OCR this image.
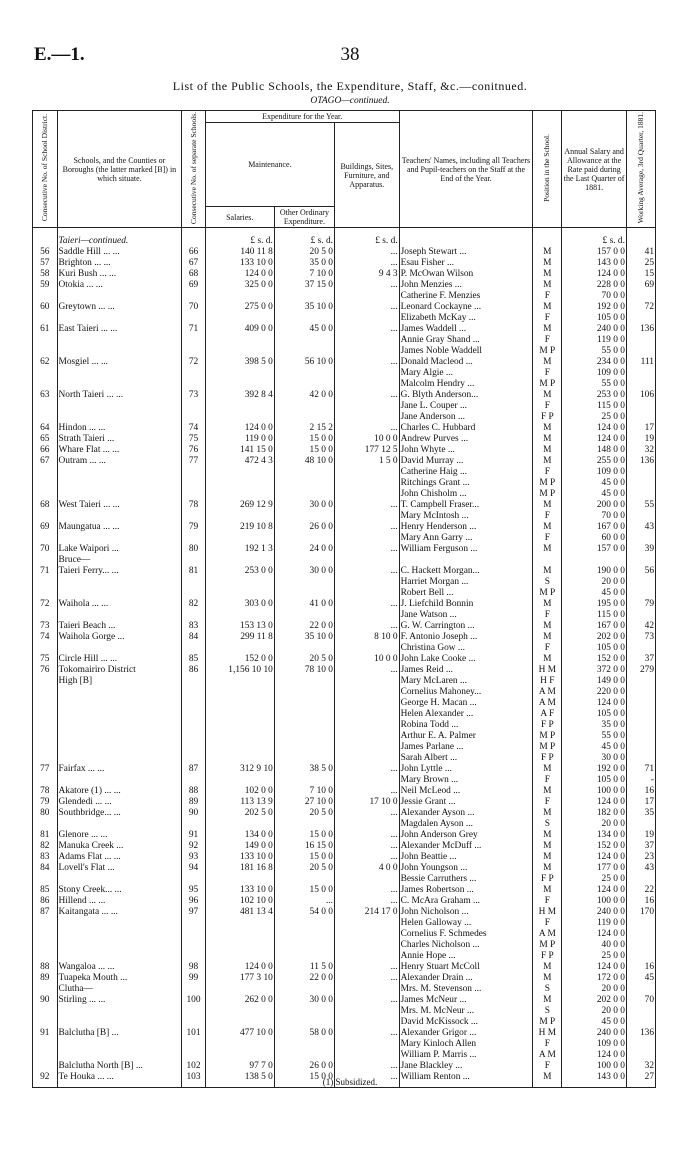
E.—1.	38
List of the Public Schools, the Expenditure, Staff, &c.—conitnued.
OTAGO—continued.
Consecutive No. of School District.	Schools, and the Counties or Boroughs (the latter marked [B]) in which situate.	Consecutive No. of separate Schools.	Expenditure for the Year.			Teachers' Names, including all Teachers and Pupil-teachers on the Staff at the End of the Year.	Position in the School.	Annual Salary and Allowance at the Rate paid during the Last Quarter of 1881.	Working Average, 3rd Quarter, 1881.
			Maintenance.		Buildings, Sites, Furniture, and Apparatus.				
			Salaries.	Other Ordinary Expenditure.					
	Taieri—continued.		£ s. d.	£ s. d.	£ s. d.			£ s. d.	
56	Saddle Hill ... ...	66	140 11 8	20 5 0	...	Joseph Stewart ...	M	157 0 0	41
57	Brighton ... ...	67	133 10 0	35 0 0	...	Esau Fisher ...	M	143 0 0	25
58	Kuri Bush ... ...	68	124 0 0	7 10 0	9 4 3	P. McOwan Wilson	M	124 0 0	15
59	Otokia ... ...	69	325 0 0	37 15 0	...	John Menzies ...	M	228 0 0	69
						Catherine F. Menzies	F	70 0 0	
60	Greytown ... ...	70	275 0 0	35 10 0	...	Leonard Cockayne ...	M	192 0 0	72
						Elizabeth McKay ...	F	105 0 0	
61	East Taieri ... ...	71	409 0 0	45 0 0	...	James Waddell ...	M	240 0 0	136
						Annie Gray Shand ...	F	119 0 0	
						James Noble Waddell	M P	55 0 0	
62	Mosgiel ... ...	72	398 5 0	56 10 0	...	Donald Macleod ...	M	234 0 0	111
						Mary Algie ...	F	109 0 0	
						Malcolm Hendry ...	M P	55 0 0	
63	North Taieri ... ...	73	392 8 4	42 0 0	...	G. Blyth Anderson...	M	253 0 0	106
						Jane L. Couper ...	F	115 0 0	
						Jane Anderson ...	F P	25 0 0	
64	Hindon ... ...	74	124 0 0	2 15 2	...	Charles C. Hubbard	M	124 0 0	17
65	Strath Taieri ...	75	119 0 0	15 0 0	10 0 0	Andrew Purves ...	M	124 0 0	19
66	Whare Flat ... ...	76	141 15 0	15 0 0	177 12 5	John Whyte ...	M	148 0 0	32
67	Outram ... ...	77	472 4 3	48 10 0	1 5 0	David Murray ...	M	255 0 0	136
						Catherine Haig ...	F	109 0 0	
						Ritchings Grant ...	M P	45 0 0	
						John Chisholm ...	M P	45 0 0	
68	West Taieri ... ...	78	269 12 9	30 0 0	...	T. Campbell Fraser...	M	200 0 0	55
						Mary McIntosh ...	F	70 0 0	
69	Maungatua ... ...	79	219 10 8	26 0 0	...	Henry Henderson ...	M	167 0 0	43
						Mary Ann Garry ...	F	60 0 0	
70	Lake Waipori ...	80	192 1 3	24 0 0	...	William Ferguson ...	M	157 0 0	39
	Bruce—								
71	Taieri Ferry... ...	81	253 0 0	30 0 0	...	C. Hackett Morgan...	M	190 0 0	56
						Harriet Morgan ...	S	20 0 0	
						Robert Bell ...	M P	45 0 0	
72	Waihola ... ...	82	303 0 0	41 0 0	...	J. Liefchild Bonnin	M	195 0 0	79
						Jane Watson ...	F	115 0 0	
73	Taieri Beach ...	83	153 13 0	22 0 0	...	G. W. Carrington ...	M	167 0 0	42
74	Waihola Gorge ...	84	299 11 8	35 10 0	8 10 0	F. Antonio Joseph ...	M	202 0 0	73
						Christina Gow ...	F	105 0 0	
75	Circle Hill ... ...	85	152 0 0	20 5 0	10 0 0	John Lake Cooke ...	M	152 0 0	37
76	Tokomairiro District	86	1,156 10 10	78 10 0	...	James Reid ...	H M	372 0 0	279
	High [B]					Mary McLaren ...	H F	149 0 0	
						Cornelius Mahoney...	A M	220 0 0	
						George H. Macan ...	A M	124 0 0	
						Helen Alexander ...	A F	105 0 0	
						Robina Todd ...	F P	35 0 0	
						Arthur E. A. Palmer	M P	55 0 0	
						James Parlane ...	M P	45 0 0	
						Sarah Albert ...	F P	30 0 0	
77	Fairfax ... ...	87	312 9 10	38 5 0	...	John Lyttle ...	M	192 0 0	71
						Mary Brown ...	F	105 0 0	-
78	Akatore (1) ... ...	88	102 0 0	7 10 0	...	Neil McLeod ...	M	100 0 0	16
79	Glendedi ... ...	89	113 13 9	27 10 0	17 10 0	Jessie Grant ...	F	124 0 0	17
80	Southbridge... ...	90	202 5 0	20 5 0	...	Alexander Ayson ...	M	182 0 0	35
						Magdalen Ayson ...	S	20 0 0	
81	Glenore ... ...	91	134 0 0	15 0 0	...	John Anderson Grey	M	134 0 0	19
82	Manuka Creek ...	92	149 0 0	16 15 0	...	Alexander McDuff ...	M	152 0 0	37
83	Adams Flat ... ...	93	133 10 0	15 0 0	...	John Beattie ...	M	124 0 0	23
84	Lovell's Flat ...	94	181 16 8	20 5 0	4 0 0	John Youngson ...	M	177 0 0	43
						Bessie Carruthers ...	F P	25 0 0	
85	Stony Creek... ...	95	133 10 0	15 0 0	...	James Robertson ...	M	124 0 0	22
86	Hillend ... ...	96	102 10 0	...	...	C. McAra Graham ...	F	100 0 0	16
87	Kaitangata ... ...	97	481 13 4	54 0 0	214 17 0	John Nicholson ...	H M	240 0 0	170
						Helen Galloway ...	F	119 0 0	
						Cornelius F. Schmedes	A M	124 0 0	
						Charles Nicholson ...	M P	40 0 0	
						Annie Hope ...	F P	25 0 0	
88	Wangaloa ... ...	98	124 0 0	11 5 0	...	Henry Stuart McColl	M	124 0 0	16
89	Tuapeka Mouth ...	99	177 3 10	22 0 0	...	Alexander Drain ...	M	172 0 0	45
	Clutha—					Mrs. M. Stevenson ...	S	20 0 0	
90	Stirling ... ...	100	262 0 0	30 0 0	...	James McNeur ...	M	202 0 0	70
						Mrs. M. McNeur ...	S	20 0 0	
						David McKissock ...	M P	45 0 0	
91	Balclutha [B] ...	101	477 10 0	58 0 0	...	Alexander Grigor ...	H M	240 0 0	136
						Mary Kinloch Allen	F	109 0 0	
						William P. Marris ...	A M	124 0 0	
	Balclutha North [B] ...	102	97 7 0	26 0 0	...	Jane Blackley ...	F	100 0 0	32
92	Te Houka ... ...	103	138 5 0	15 0 0	...	William Renton ...	M	143 0 0	27
(1) Subsidized.
